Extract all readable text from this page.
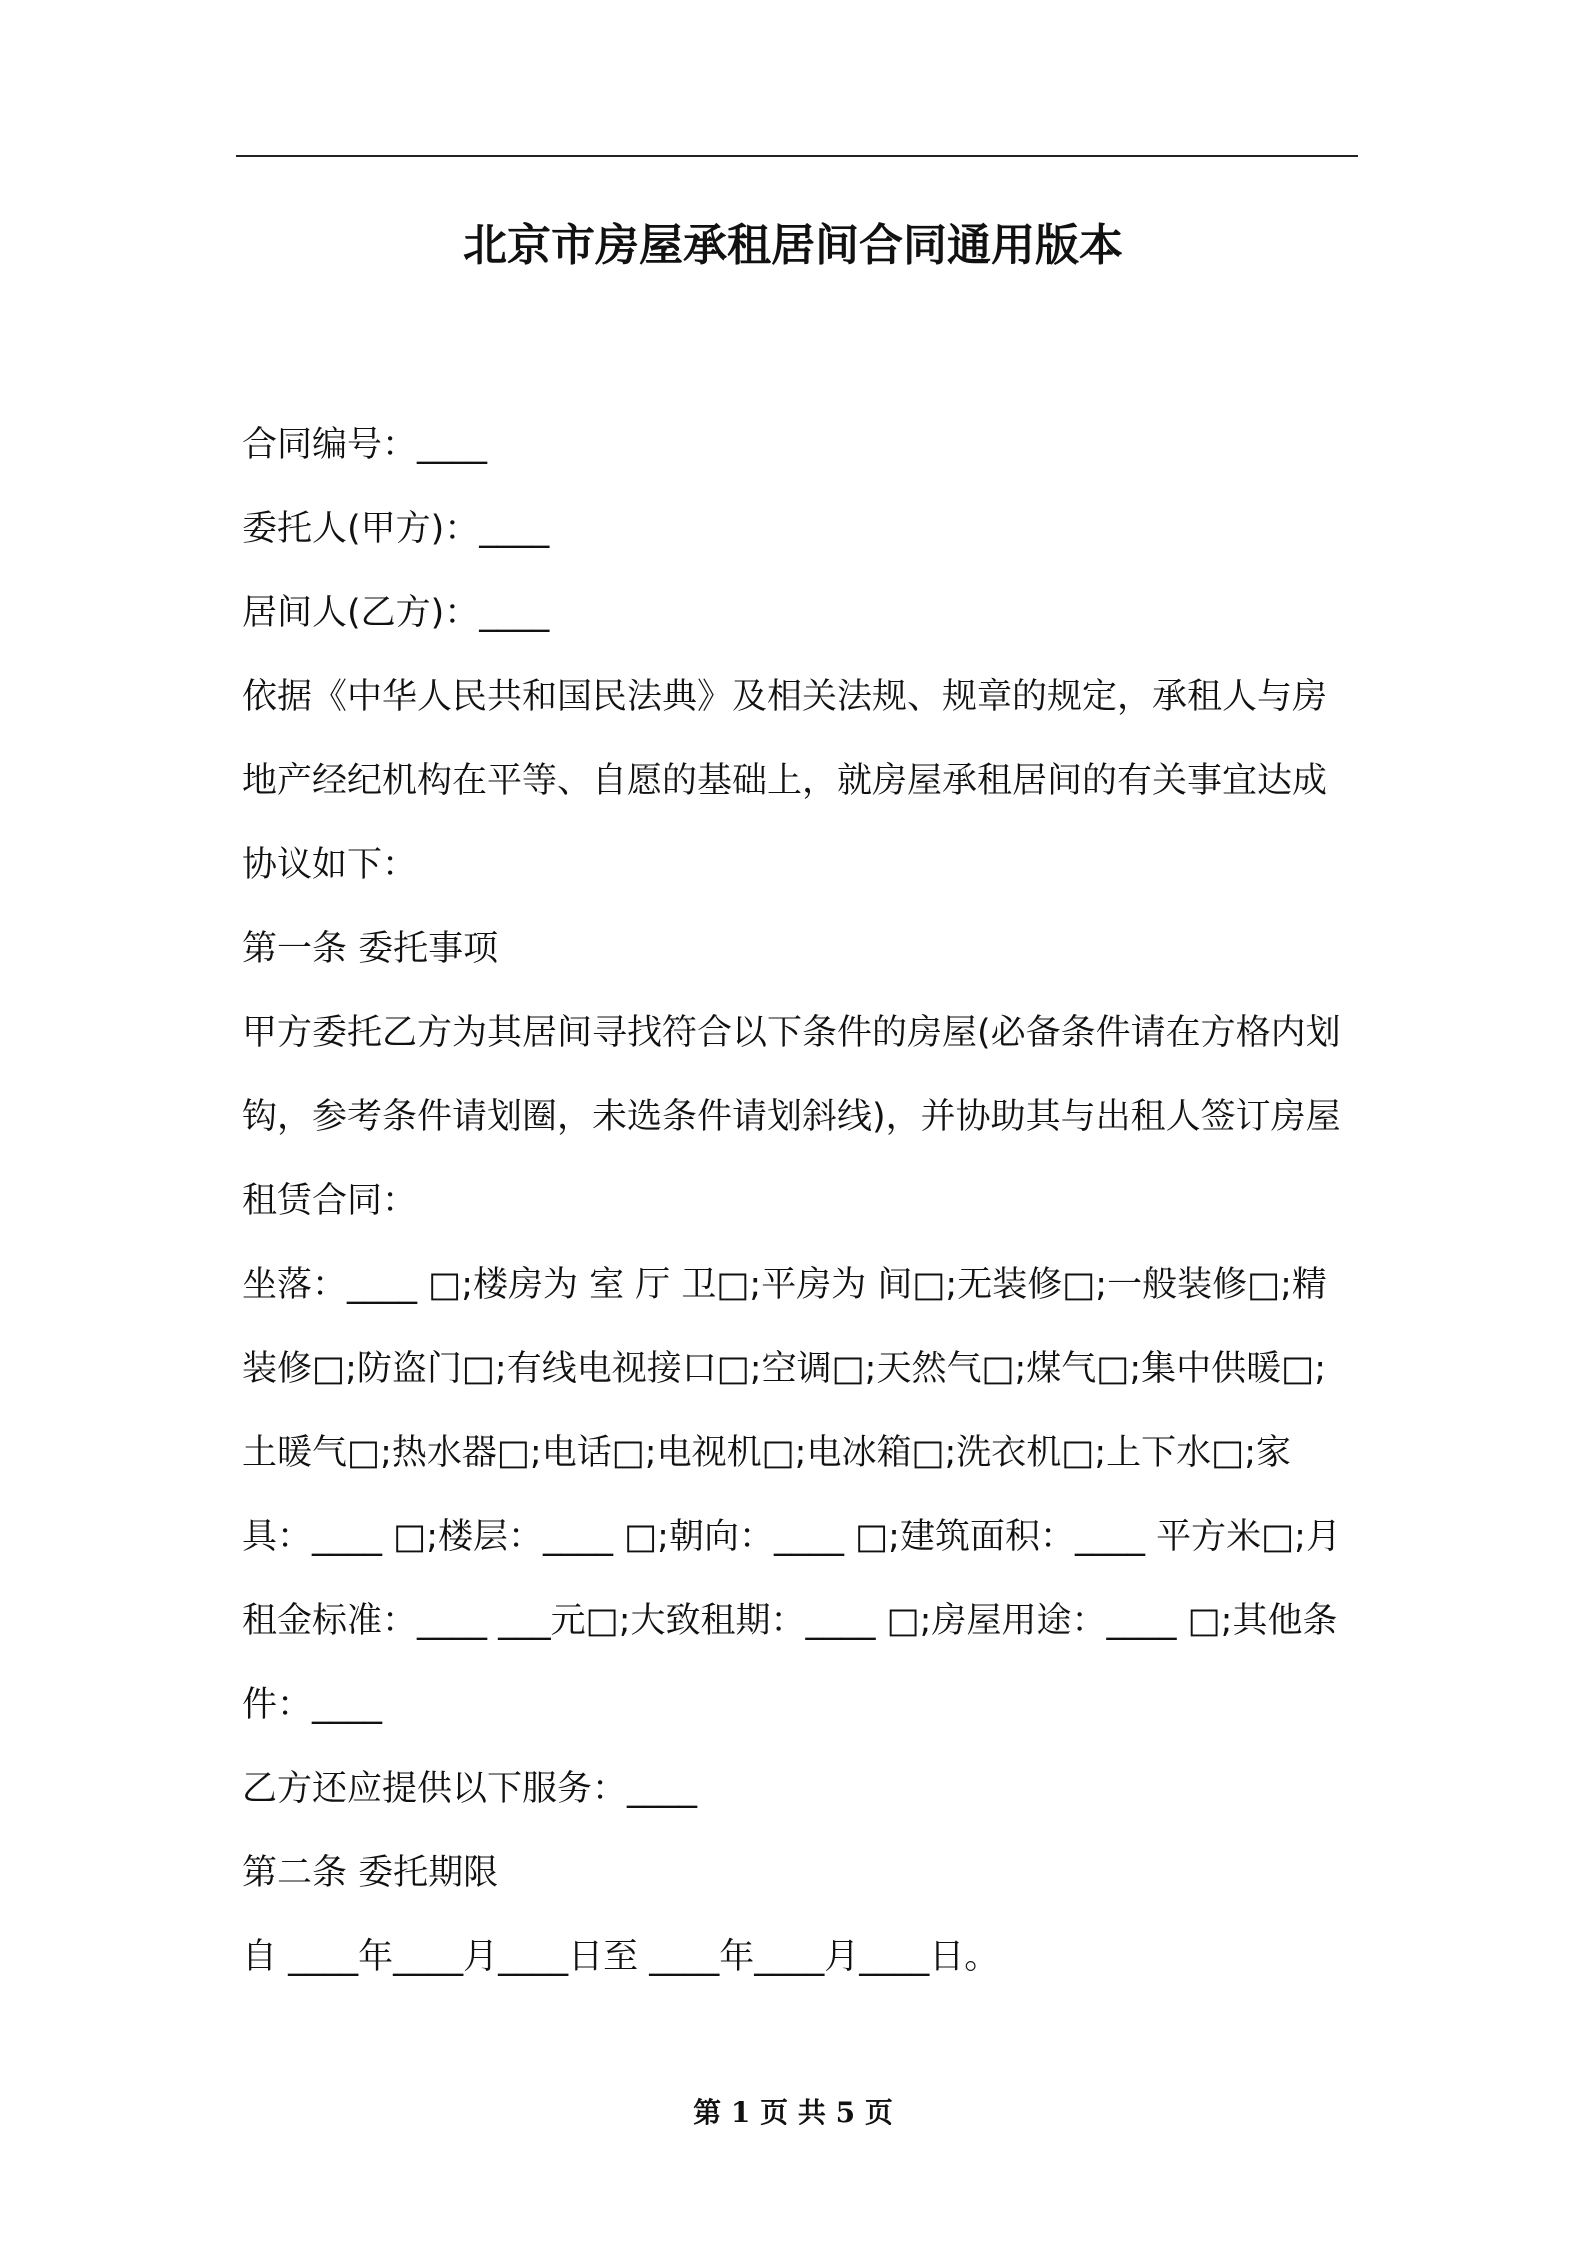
北京市房屋承租居间合同通用版本

合同编号：____

委托人(甲方)：____

居间人(乙方)：____

依据《中华人民共和国民法典》及相关法规、规章的规定，承租人与房地产经纪机构在平等、自愿的基础上，就房屋承租居间的有关事宜达成协议如下：

第一条 委托事项

甲方委托乙方为其居间寻找符合以下条件的房屋(必备条件请在方格内划钩，参考条件请划圈，未选条件请划斜线)，并协助其与出租人签订房屋租赁合同：

坐落：____ □;楼房为 室 厅 卫□;平房为 间□;无装修□;一般装修□;精装修□;防盗门□;有线电视接口□;空调□;天然气□;煤气□;集中供暖□;土暖气□;热水器□;电话□;电视机□;电冰箱□;洗衣机□;上下水□;家具：____ □;楼层：____ □;朝向：____ □;建筑面积：____ 平方米□;月租金标准：____ ___元□;大致租期：____ □;房屋用途：____ □;其他条件：____

乙方还应提供以下服务：____

第二条 委托期限

自 ____年____月____日至 ____年____月____日。

第 1 页 共 5 页
